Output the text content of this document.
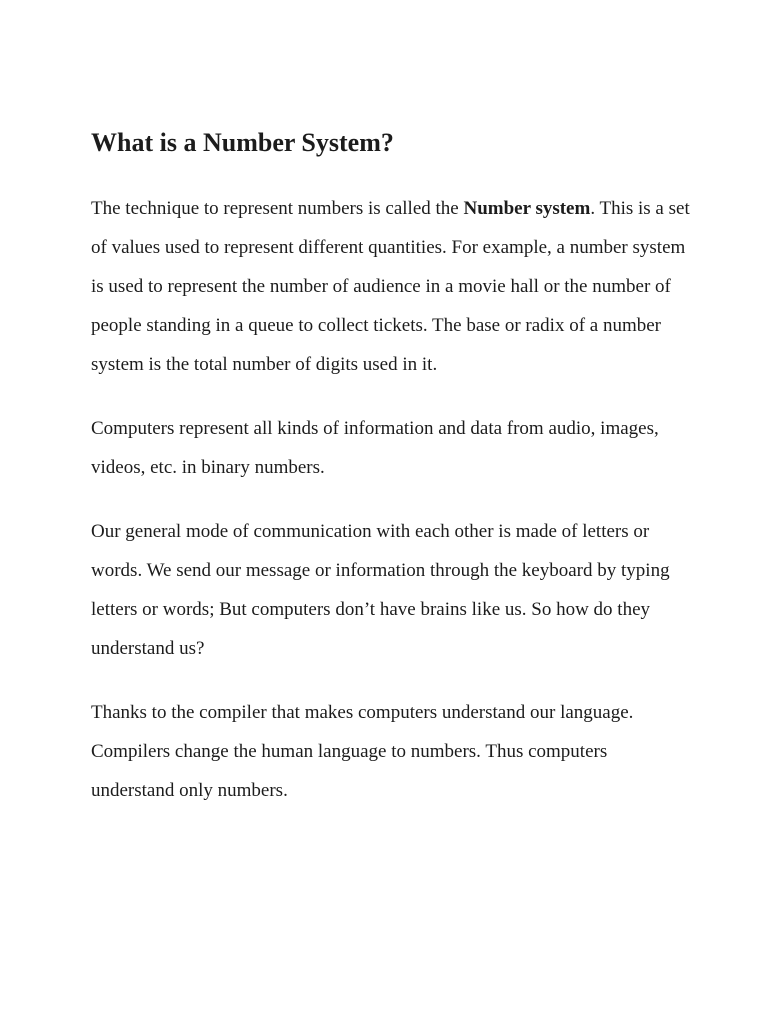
What is a Number System?

The technique to represent numbers is called the Number system. This is a set of values used to represent different quantities. For example, a number system is used to represent the number of audience in a movie hall or the number of people standing in a queue to collect tickets. The base or radix of a number system is the total number of digits used in it.

Computers represent all kinds of information and data from audio, images, videos, etc. in binary numbers.

Our general mode of communication with each other is made of letters or words. We send our message or information through the keyboard by typing letters or words; But computers don’t have brains like us. So how do they understand us?

Thanks to the compiler that makes computers understand our language. Compilers change the human language to numbers. Thus computers understand only numbers.
